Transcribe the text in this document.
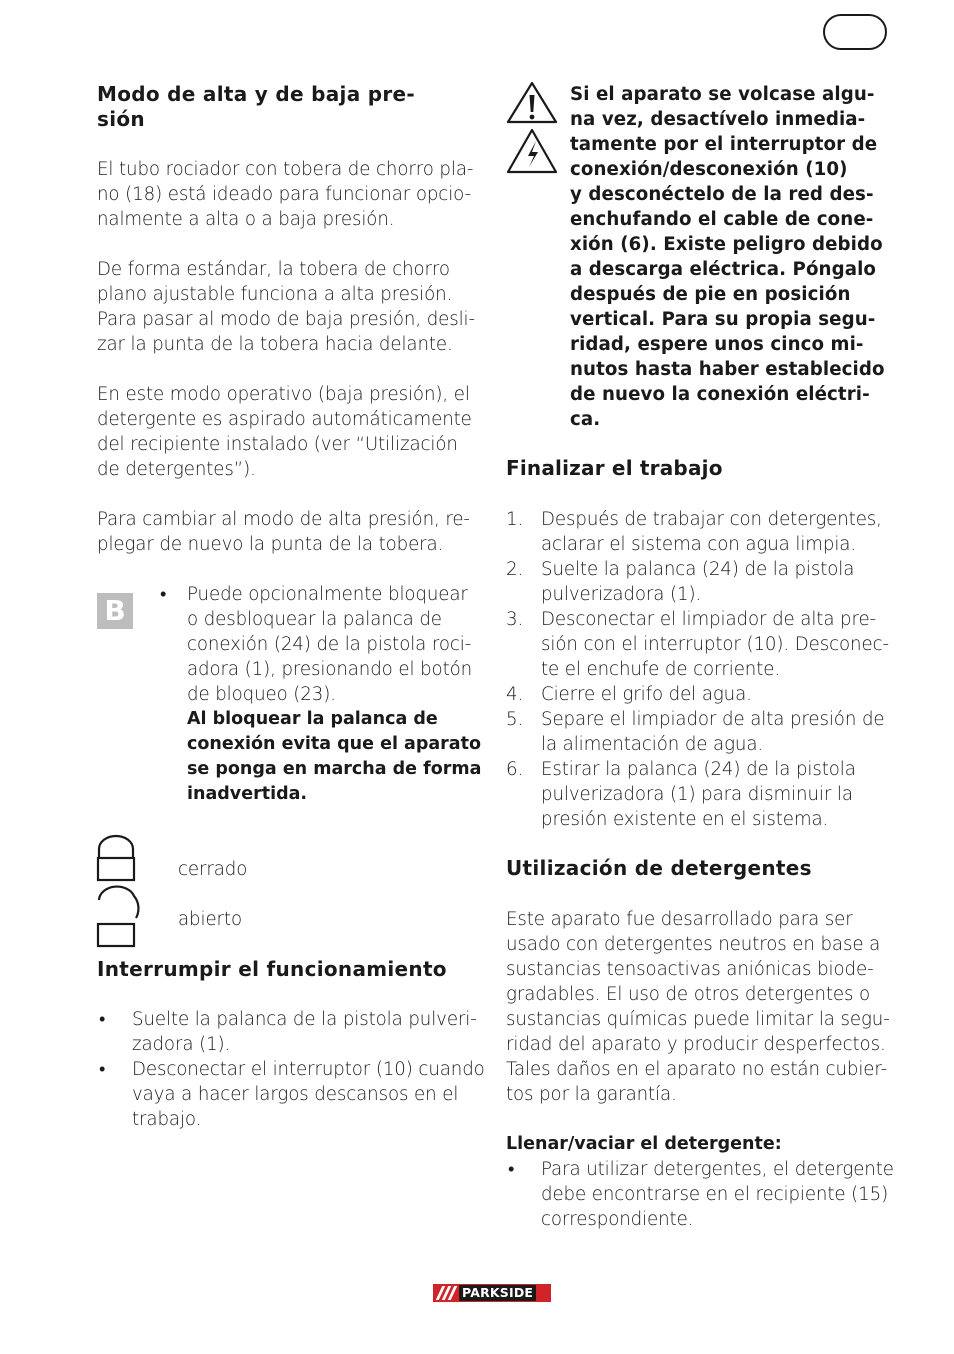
Modo de alta y de baja pre-
sión
El tubo rociador con tobera de chorro pla-
no (18) está ideado para funcionar opcio-
nalmente a alta o a baja presión.
De forma estándar, la tobera de chorro
plano ajustable funciona a alta presión.
Para pasar al modo de baja presión, desli-
zar la punta de la tobera hacia delante.
En este modo operativo (baja presión), el
detergente es aspirado automáticamente
del recipiente instalado (ver “Utilización
de detergentes”).
Para cambiar al modo de alta presión, re-
plegar de nuevo la punta de la tobera.
B	• Puede opcionalmente bloquear
o desbloquear la palanca de
conexión (24) de la pistola roci-
adora (1), presionando el botón
de bloqueo (23).
Al bloquear la palanca de
conexión evita que el aparato
se ponga en marcha de forma
inadvertida.
cerrado
abierto
Interrumpir el funcionamiento
• Suelte la palanca de la pistola pulveri-
zadora (1).
• Desconectar el interruptor (10) cuando
vaya a hacer largos descansos en el
trabajo.
Si el aparato se volcase algu-
na vez, desactívelo inmedia-
tamente por el interruptor de
conexión/desconexión (10)
y desconéctelo de la red des-
enchufando el cable de cone-
xión (6). Existe peligro debido
a descarga eléctrica. Póngalo
después de pie en posición
vertical. Para su propia segu-
ridad, espere unos cinco mi-
nutos hasta haber establecido
de nuevo la conexión eléctri-
ca.
Finalizar el trabajo
1. Después de trabajar con detergentes,
aclarar el sistema con agua limpia.
2. Suelte la palanca (24) de la pistola
pulverizadora (1).
3. Desconectar el limpiador de alta pre-
sión con el interruptor (10). Desconec-
te el enchufe de corriente.
4. Cierre el grifo del agua.
5. Separe el limpiador de alta presión de
la alimentación de agua.
6. Estirar la palanca (24) de la pistola
pulverizadora (1) para disminuir la
presión existente en el sistema.
Utilización de detergentes
Este aparato fue desarrollado para ser
usado con detergentes neutros en base a
sustancias tensoactivas aniónicas biode-
gradables. El uso de otros detergentes o
sustancias químicas puede limitar la segu-
ridad del aparato y producir desperfectos.
Tales daños en el aparato no están cubier-
tos por la garantía.
Llenar/vaciar el detergente:
• Para utilizar detergentes, el detergente
debe encontrarse en el recipiente (15)
correspondiente.
PARKSIDE
